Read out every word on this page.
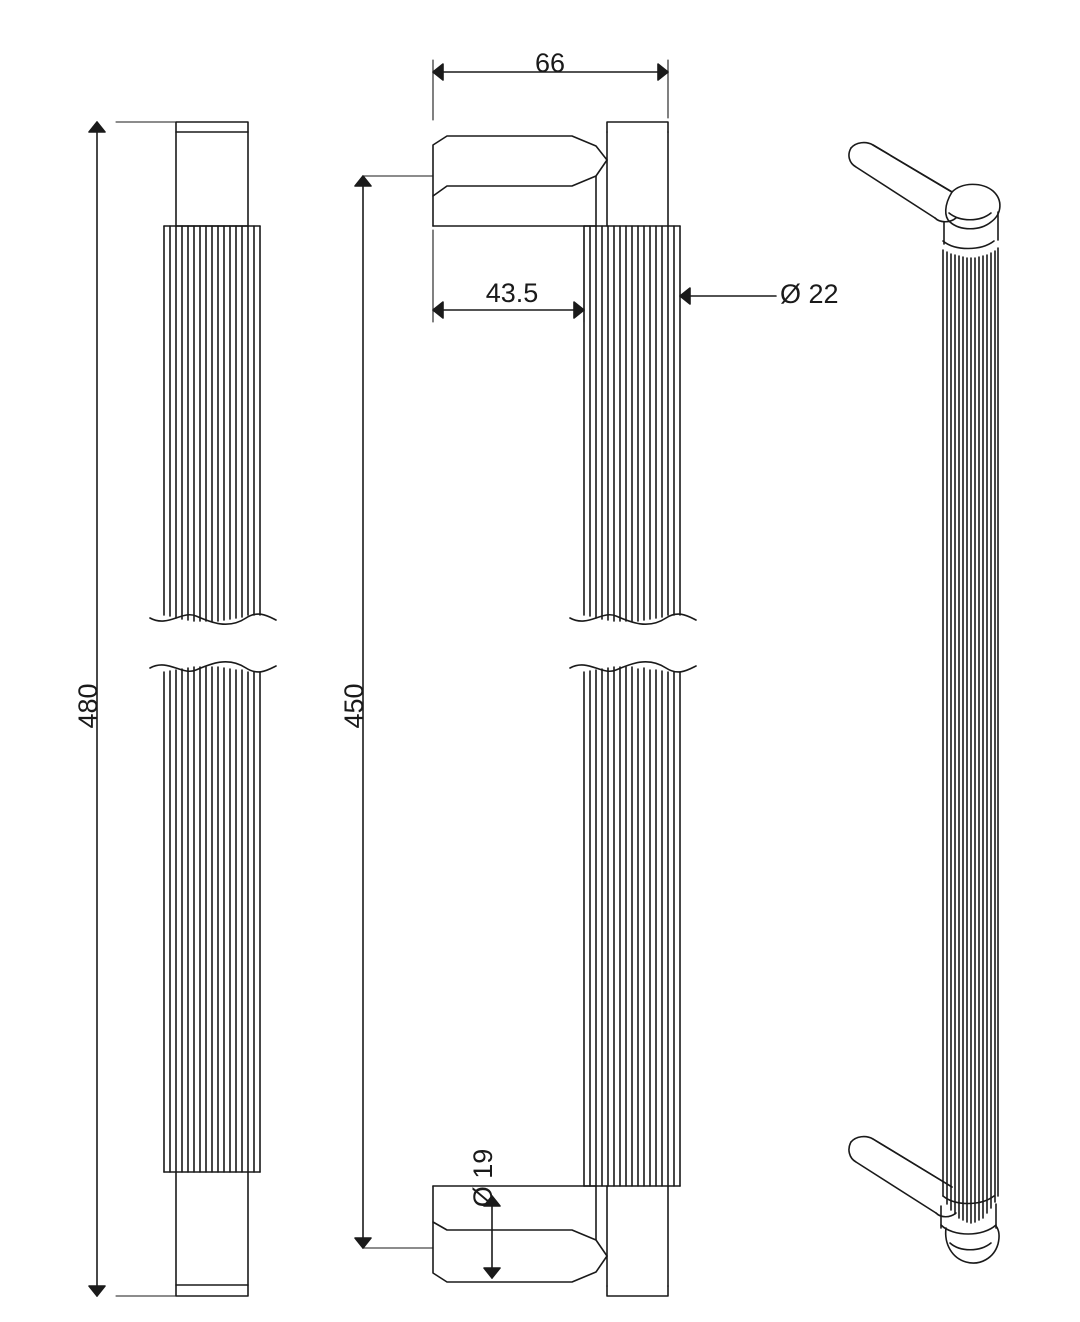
480	450
66
43.5	Ø 22
Ø 19
